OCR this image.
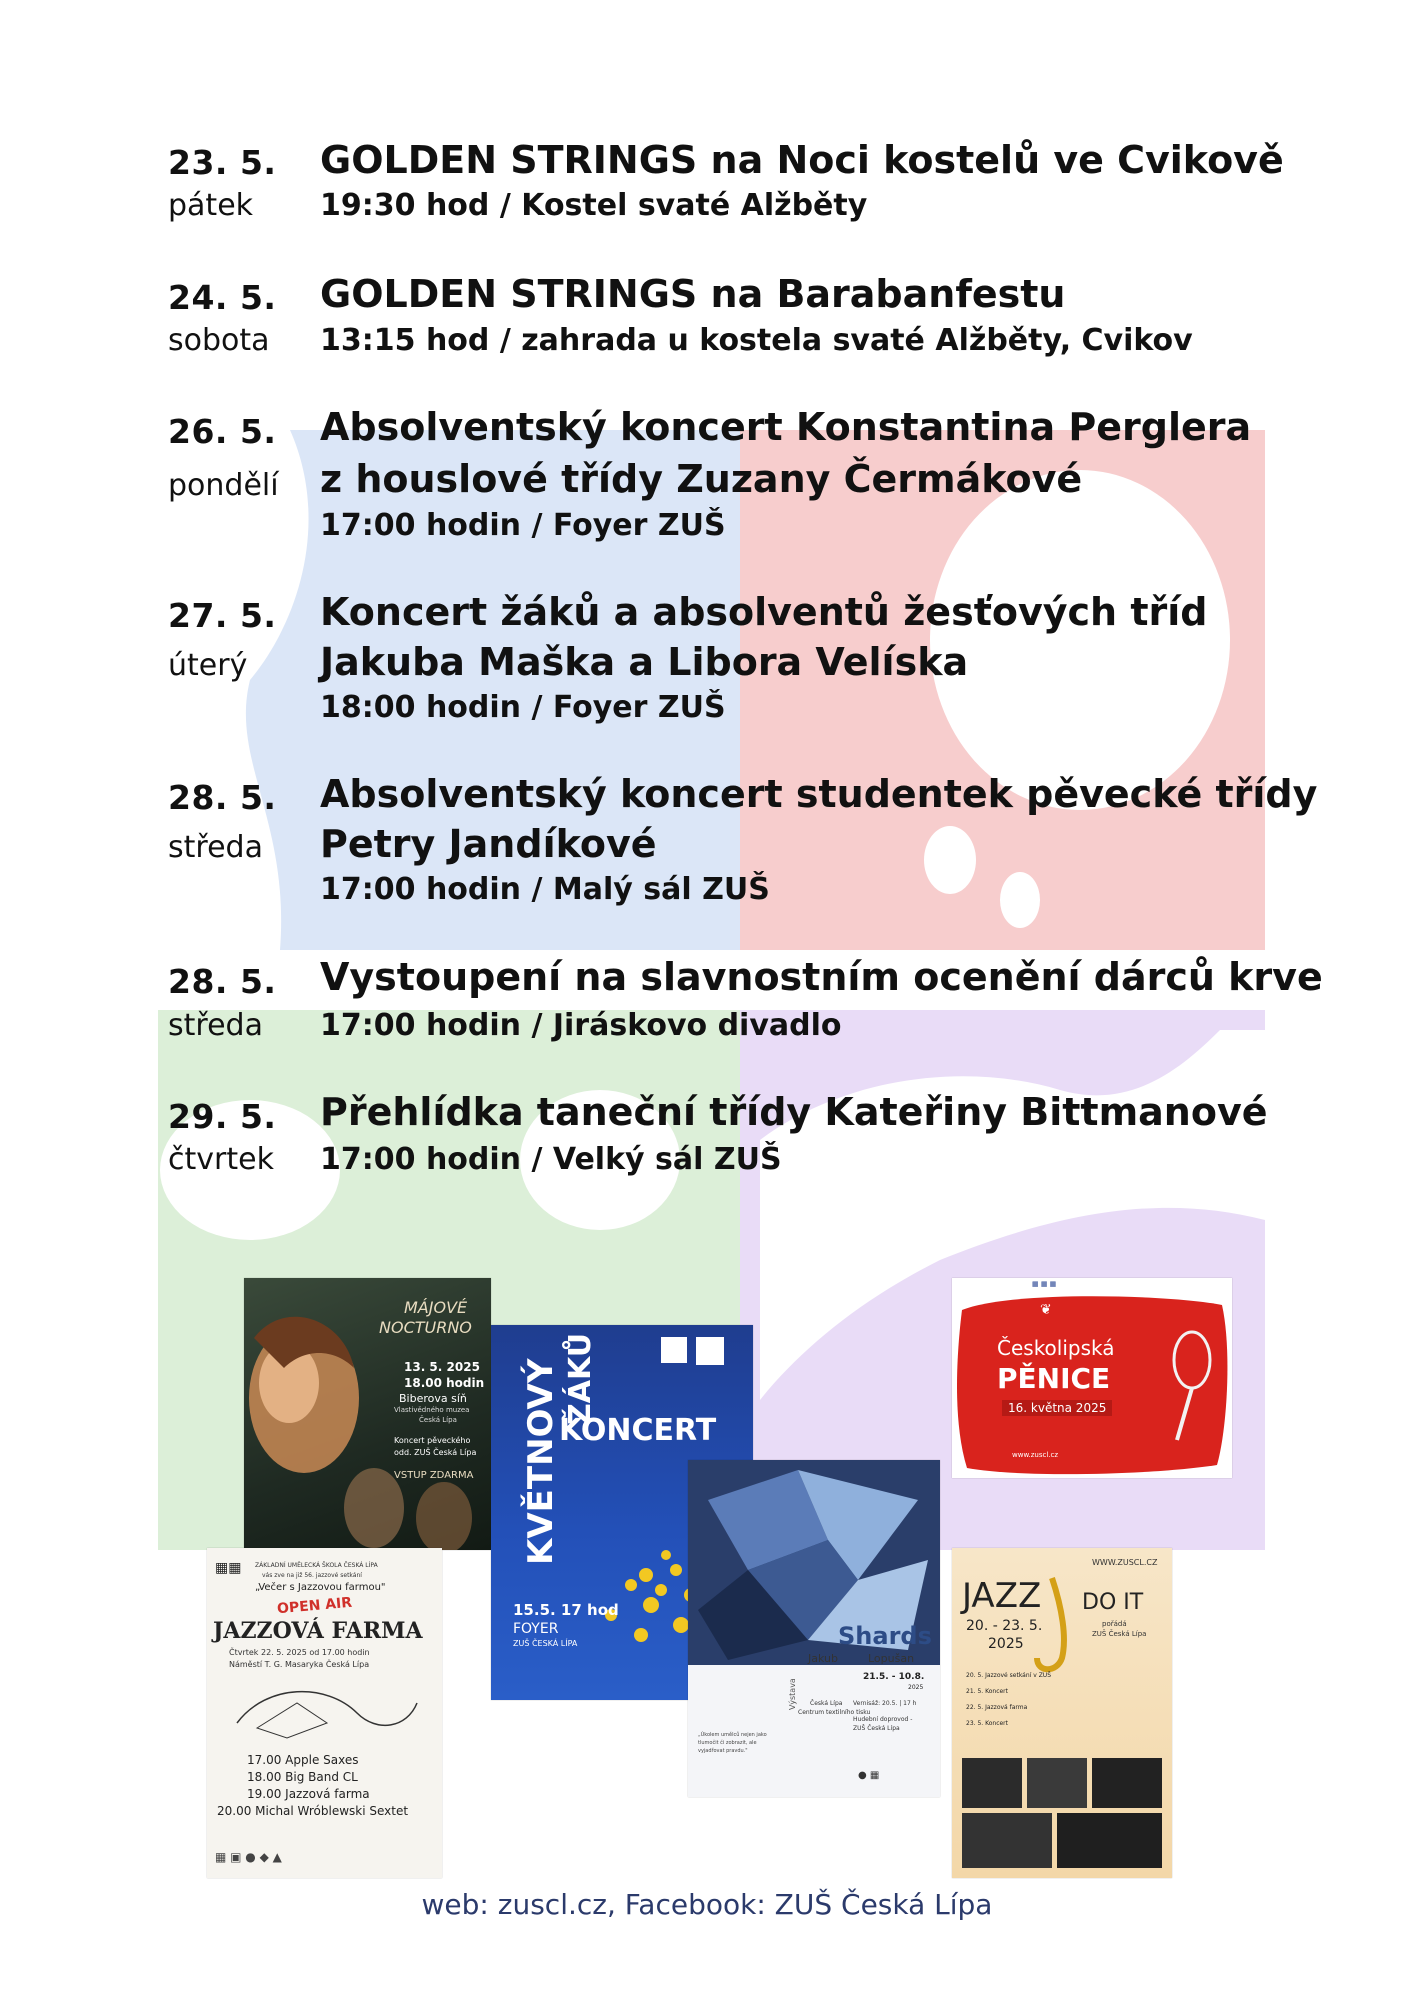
23. 5.
pátek
GOLDEN STRINGS na Noci kostelů ve Cvikově
19:30 hod / Kostel svaté Alžběty
24. 5.
sobota
GOLDEN STRINGS na Barabanfestu
13:15 hod / zahrada u kostela svaté Alžběty, Cvikov
26. 5.
pondělí
Absolventský koncert Konstantina Perglera
z houslové třídy Zuzany Čermákové
17:00 hodin / Foyer ZUŠ
27. 5.
úterý
Koncert žáků a absolventů žesťových tříd
Jakuba Maška a Libora Velíska
18:00 hodin / Foyer ZUŠ
28. 5.
středa
Absolventský koncert studentek pěvecké třídy
Petry Jandíkové
17:00 hodin / Malý sál ZUŠ
28. 5.
středa
Vystoupení na slavnostním ocenění dárců krve
17:00 hodin / Jiráskovo divadlo
29. 5.
čtvrtek
Přehlídka taneční třídy Kateřiny Bittmanové
17:00 hodin / Velký sál ZUŠ
MÁJOVÉ
NOCTURNO
13. 5. 2025
18.00 hodin
Biberova síň
Vlastivědného muzea
Česká Lípa
Koncert pěveckého
odd. ZUŠ Česká Lípa
VSTUP ZDARMA
▦▦ ZÁKLADNÍ UMĚLECKÁ ŠKOLA ČESKÁ LÍPA
vás zve na již 56. jazzové setkání
„Večer s Jazzovou farmou"
OPEN AIR
JAZZOVÁ FARMA
Čtvrtek 22. 5. 2025 od 17.00 hodin
Náměstí T. G. Masaryka Česká Lípa
17.00 Apple Saxes
18.00 Big Band CL
19.00 Jazzová farma
20.00 Michal Wróblewski Sextet
▦ ▣ ● ◆ ▲
KVĚTNOVÝ ŽÁKŮ
KONCERT
15.5. 17 hod
FOYER
ZUŠ ČESKÁ LÍPA	Shards
Jakub	Lopušan
21.5. - 10.8.
2025
Výstava Česká Lípa
Centrum textilního tisku
Vernisáž: 20.5. | 17 h
Hudební doprovod -
ZUŠ Česká Lípa
„Úkolem umělců nejen jako
tlumočit či zobrazit, ale
vyjadřovat pravdu."
● ▦
▦ ▦ ▦
❦
Českolipská
PĚNICE
16. května 2025
www.zuscl.cz
WWW.ZUSCL.CZ
JAZZ DO IT
20. - 23. 5.
2025
pořádá
ZUŠ Česká Lípa
20. 5. Jazzové setkání v ZUŠ
21. 5. Koncert
22. 5. Jazzová farma
23. 5. Koncert
web: zuscl.cz, Facebook: ZUŠ Česká Lípa
